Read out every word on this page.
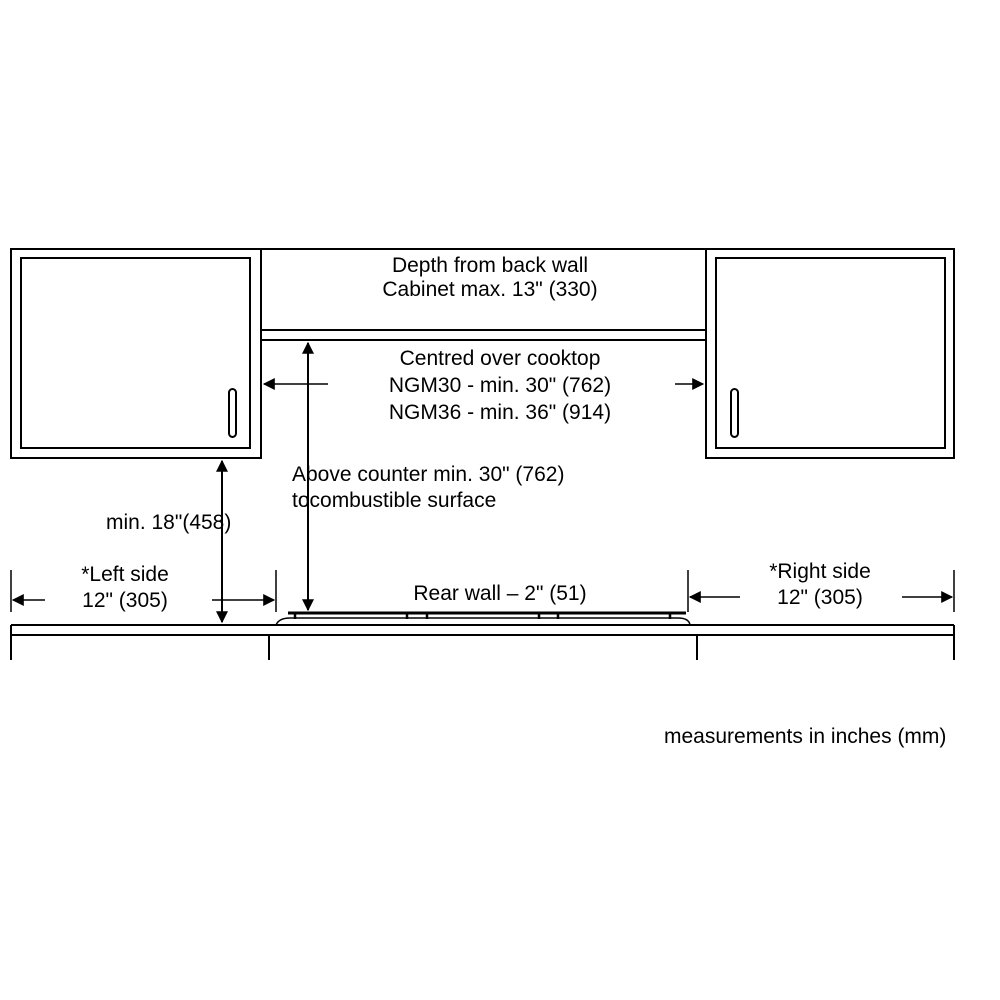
Depth from back wall
Cabinet max. 13" (330)
Centred over cooktop
NGM30 - min. 30" (762)
NGM36 - min. 36" (914)
Above counter min. 30" (762)
tocombustible surface
min. 18"(458)
*Left side
12" (305)	Rear wall – 2" (51)
*Right side
12" (305)
measurements in inches (mm)
